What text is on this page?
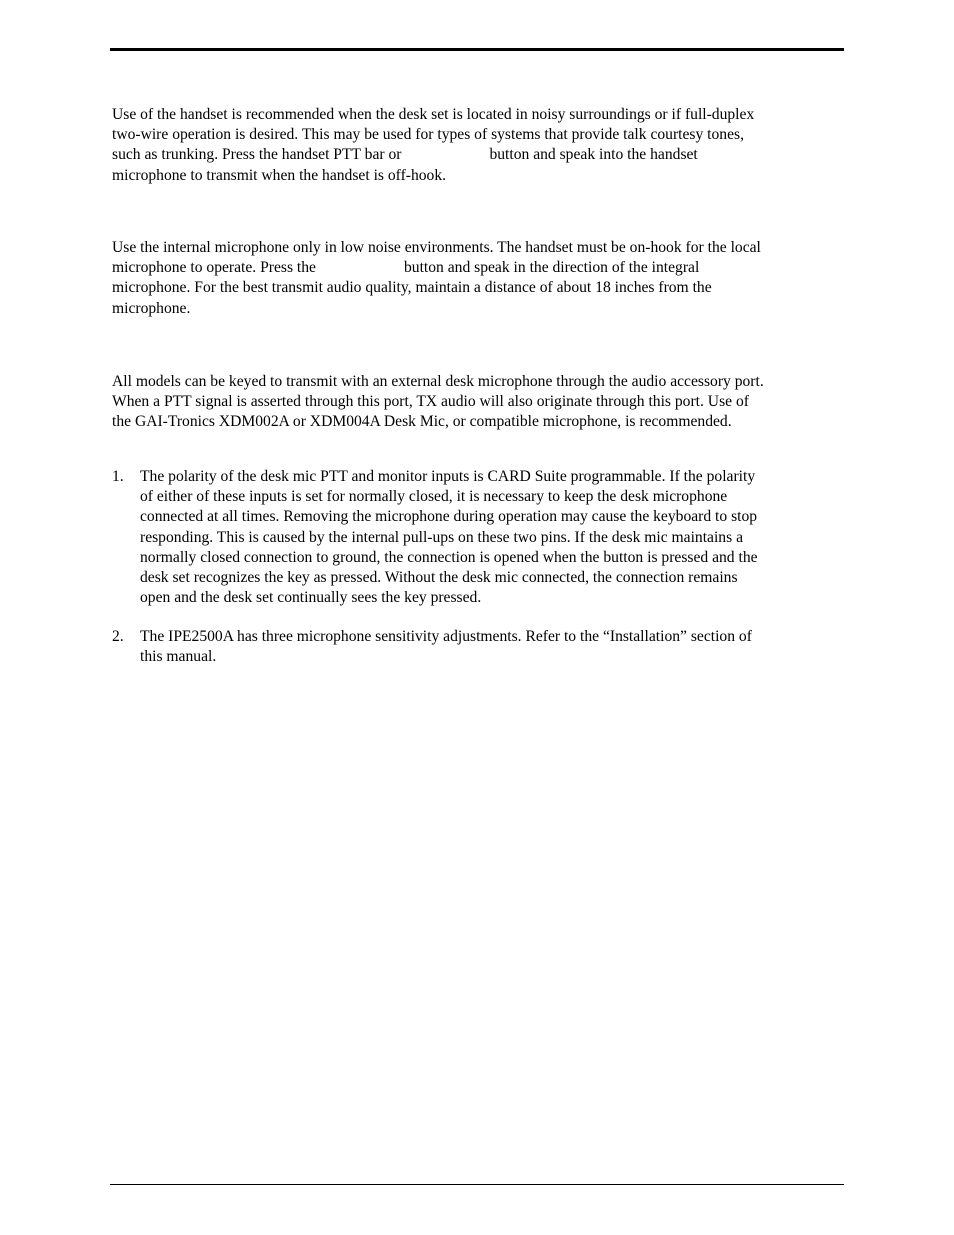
Use of the handset is recommended when the desk set is located in noisy surroundings or if full-duplex
two-wire operation is desired. This may be used for types of systems that provide talk courtesy tones,
such as trunking. Press the handset PTT bar or	button and speak into the handset
microphone to transmit when the handset is off-hook.
Use the internal microphone only in low noise environments. The handset must be on-hook for the local
microphone to operate. Press the	button and speak in the direction of the integral
microphone. For the best transmit audio quality, maintain a distance of about 18 inches from the
microphone.
All models can be keyed to transmit with an external desk microphone through the audio accessory port.
When a PTT signal is asserted through this port, TX audio will also originate through this port. Use of
the GAI-Tronics XDM002A or XDM004A Desk Mic, or compatible microphone, is recommended.
1. The polarity of the desk mic PTT and monitor inputs is CARD Suite programmable. If the polarity
of either of these inputs is set for normally closed, it is necessary to keep the desk microphone
connected at all times. Removing the microphone during operation may cause the keyboard to stop
responding. This is caused by the internal pull-ups on these two pins. If the desk mic maintains a
normally closed connection to ground, the connection is opened when the button is pressed and the
desk set recognizes the key as pressed. Without the desk mic connected, the connection remains
open and the desk set continually sees the key pressed.
2. The IPE2500A has three microphone sensitivity adjustments. Refer to the “Installation” section of
this manual.
